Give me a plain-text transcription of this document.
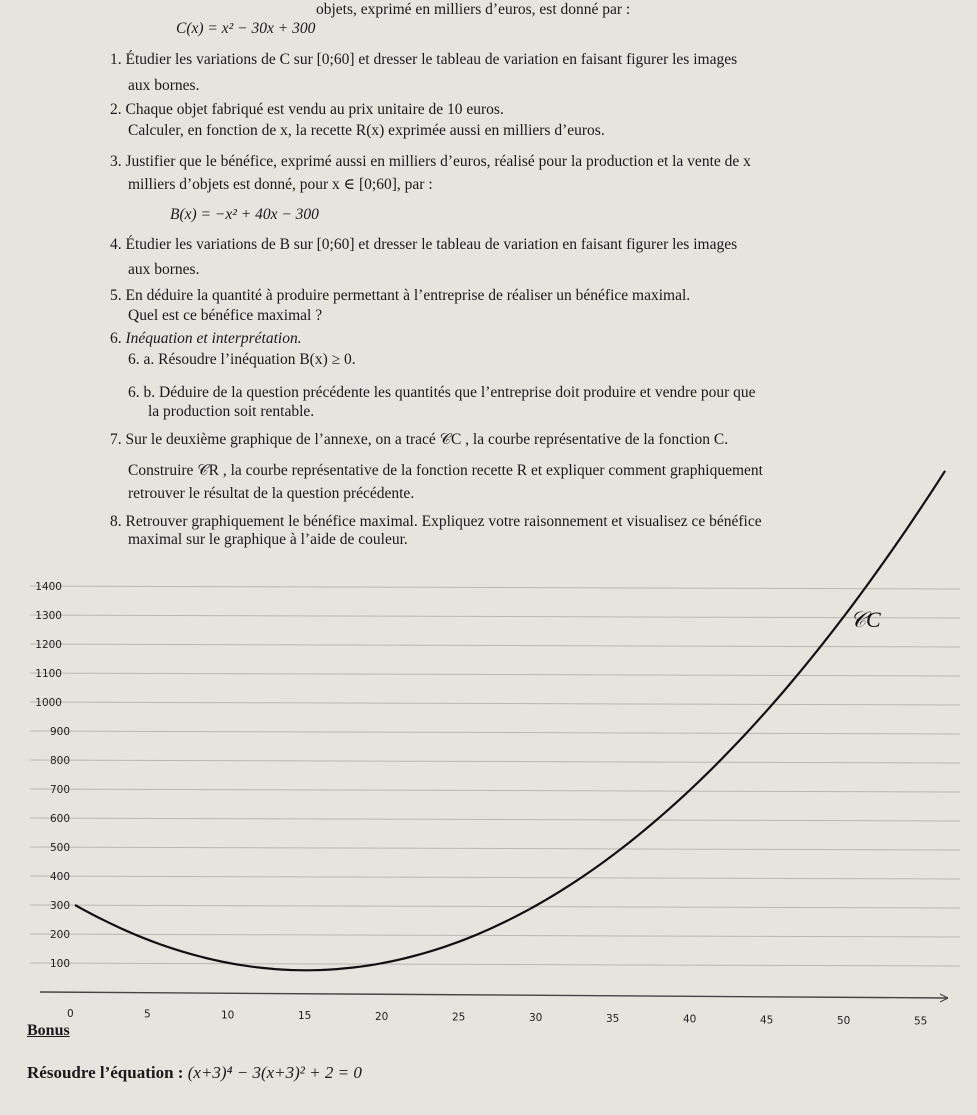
objets, exprimé en milliers d’euros, est donné par :
C(x) = x² − 30x + 300
1. Étudier les variations de C sur [0;60] et dresser le tableau de variation en faisant figurer les images
aux bornes.
2. Chaque objet fabriqué est vendu au prix unitaire de 10 euros.
Calculer, en fonction de x, la recette R(x) exprimée aussi en milliers d’euros.
3. Justifier que le bénéfice, exprimé aussi en milliers d’euros, réalisé pour la production et la vente de x
milliers d’objets est donné, pour x ∈ [0;60], par :
B(x) = −x² + 40x − 300
4. Étudier les variations de B sur [0;60] et dresser le tableau de variation en faisant figurer les images
aux bornes.
5. En déduire la quantité à produire permettant à l’entreprise de réaliser un bénéfice maximal.
Quel est ce bénéfice maximal ?
6. Inéquation et interprétation.
6. a. Résoudre l’inéquation B(x) ≥ 0.
6. b. Déduire de la question précédente les quantités que l’entreprise doit produire et vendre pour que
la production soit rentable.
7. Sur le deuxième graphique de l’annexe, on a tracé 𝒞C , la courbe représentative de la fonction C.
Construire 𝒞R , la courbe représentative de la fonction recette R et expliquer comment graphiquement
retrouver le résultat de la question précédente.
8. Retrouver graphiquement le bénéfice maximal. Expliquez votre raisonnement et visualisez ce bénéfice
maximal sur le graphique à l’aide de couleur.
100
200
300
400
500
600
700
800
900
1000
1100
1200
1300
1400
0	5	10	15	20	25	30	35	40	45	50	55
𝒞C
Bonus
Résoudre l’équation : (x+3)⁴ − 3(x+3)² + 2 = 0
